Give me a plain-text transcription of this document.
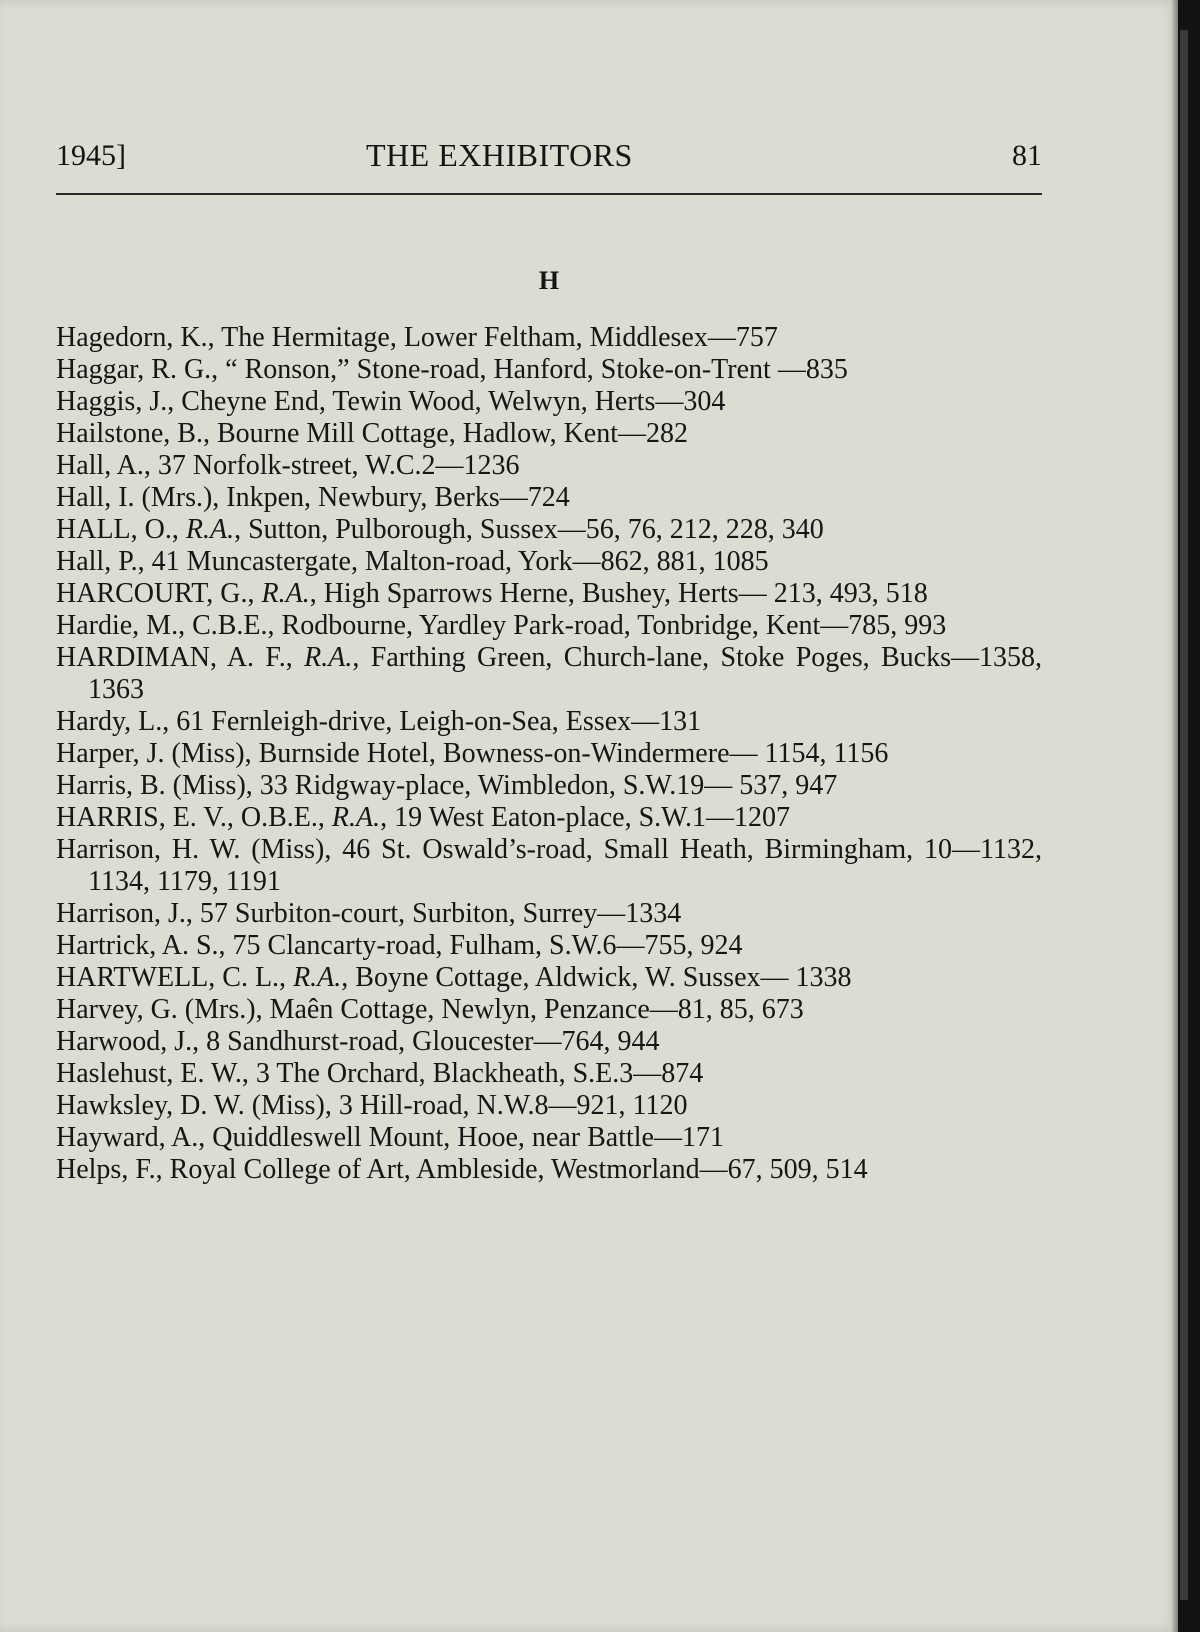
1945]	THE EXHIBITORS	81
H
Hagedorn, K., The Hermitage, Lower Feltham, Middlesex—757
Haggar, R. G., “ Ronson,” Stone-road, Hanford, Stoke-on-Trent —835
Haggis, J., Cheyne End, Tewin Wood, Welwyn, Herts—304
Hailstone, B., Bourne Mill Cottage, Hadlow, Kent—282
Hall, A., 37 Norfolk-street, W.C.2—1236
Hall, I. (Mrs.), Inkpen, Newbury, Berks—724
HALL, O., R.A., Sutton, Pulborough, Sussex—56, 76, 212, 228, 340
Hall, P., 41 Muncastergate, Malton-road, York—862, 881, 1085
HARCOURT, G., R.A., High Sparrows Herne, Bushey, Herts— 213, 493, 518
Hardie, M., C.B.E., Rodbourne, Yardley Park-road, Tonbridge, Kent—785, 993
HARDIMAN, A. F., R.A., Farthing Green, Church-lane, Stoke Poges, Bucks—1358, 1363
Hardy, L., 61 Fernleigh-drive, Leigh-on-Sea, Essex—131
Harper, J. (Miss), Burnside Hotel, Bowness-on-Windermere— 1154, 1156
Harris, B. (Miss), 33 Ridgway-place, Wimbledon, S.W.19— 537, 947
HARRIS, E. V., O.B.E., R.A., 19 West Eaton-place, S.W.1—1207
Harrison, H. W. (Miss), 46 St. Oswald’s-road, Small Heath, Birmingham, 10—1132, 1134, 1179, 1191
Harrison, J., 57 Surbiton-court, Surbiton, Surrey—1334
Hartrick, A. S., 75 Clancarty-road, Fulham, S.W.6—755, 924
HARTWELL, C. L., R.A., Boyne Cottage, Aldwick, W. Sussex— 1338
Harvey, G. (Mrs.), Maên Cottage, Newlyn, Penzance—81, 85, 673
Harwood, J., 8 Sandhurst-road, Gloucester—764, 944
Haslehust, E. W., 3 The Orchard, Blackheath, S.E.3—874
Hawksley, D. W. (Miss), 3 Hill-road, N.W.8—921, 1120
Hayward, A., Quiddleswell Mount, Hooe, near Battle—171
Helps, F., Royal College of Art, Ambleside, Westmorland—67, 509, 514
